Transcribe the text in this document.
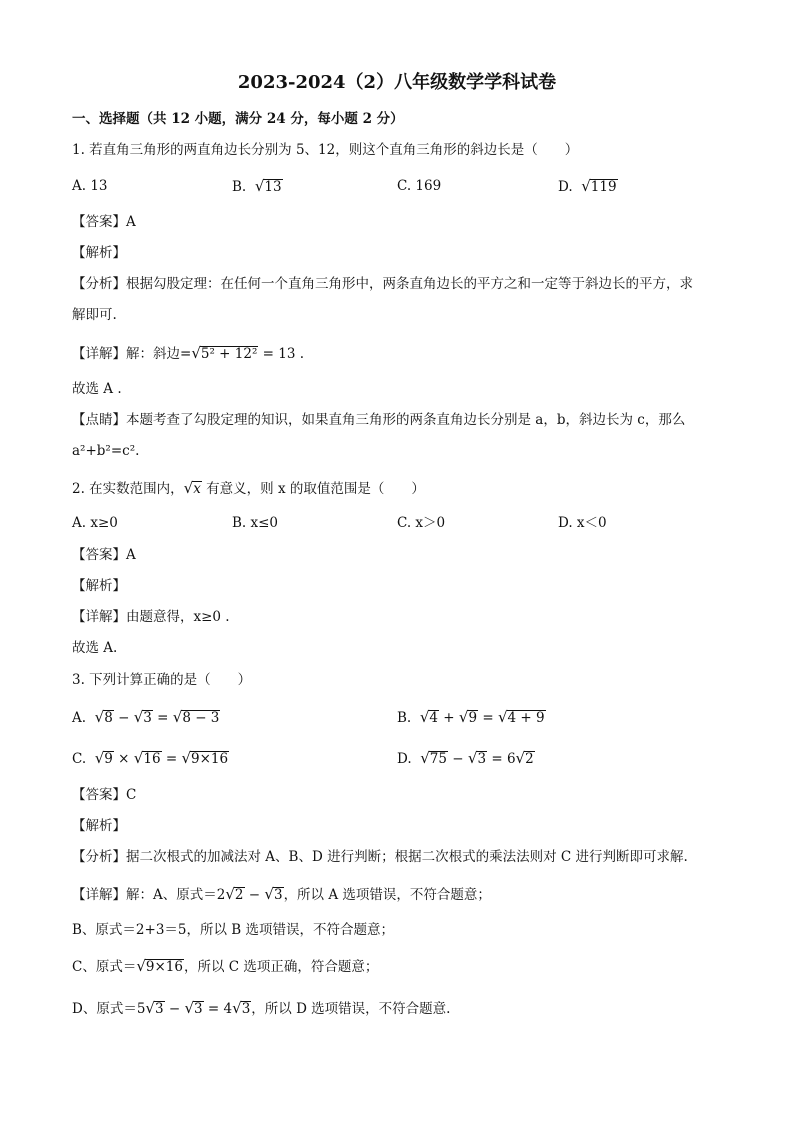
2023-2024（2）八年级数学学科试卷
一、选择题（共 12 小题，满分 24 分，每小题 2 分）
1. 若直角三角形的两直角边长分别为 5、12，则这个直角三角形的斜边长是（　　）
A. 13	B. √13	C. 169	D. √119
【答案】A
【解析】
【分析】根据勾股定理：在任何一个直角三角形中，两条直角边长的平方之和一定等于斜边长的平方，求
解即可.
【详解】解：斜边=√5² + 12² = 13 .
故选 A .
【点睛】本题考查了勾股定理的知识，如果直角三角形的两条直角边长分别是 a，b，斜边长为 c，那么
a²+b²=c².
2. 在实数范围内，√x 有意义，则 x 的取值范围是（　　）
A. x≥0	B. x≤0	C. x＞0	D. x＜0
【答案】A
【解析】
【详解】由题意得，x≥0 .
故选 A.
3. 下列计算正确的是（　　）
A. √8 − √3 = √8 − 3	B. √4 + √9 = √4 + 9
C. √9 × √16 = √9×16	D. √75 − √3 = 6√2
【答案】C
【解析】
【分析】据二次根式的加减法对 A、B、D 进行判断；根据二次根式的乘法法则对 C 进行判断即可求解.
【详解】解：A、原式＝2√2 − √3，所以 A 选项错误，不符合题意；
B、原式＝2+3＝5，所以 B 选项错误，不符合题意；
C、原式＝√9×16，所以 C 选项正确，符合题意；
D、原式＝5√3 − √3 = 4√3，所以 D 选项错误，不符合题意.
